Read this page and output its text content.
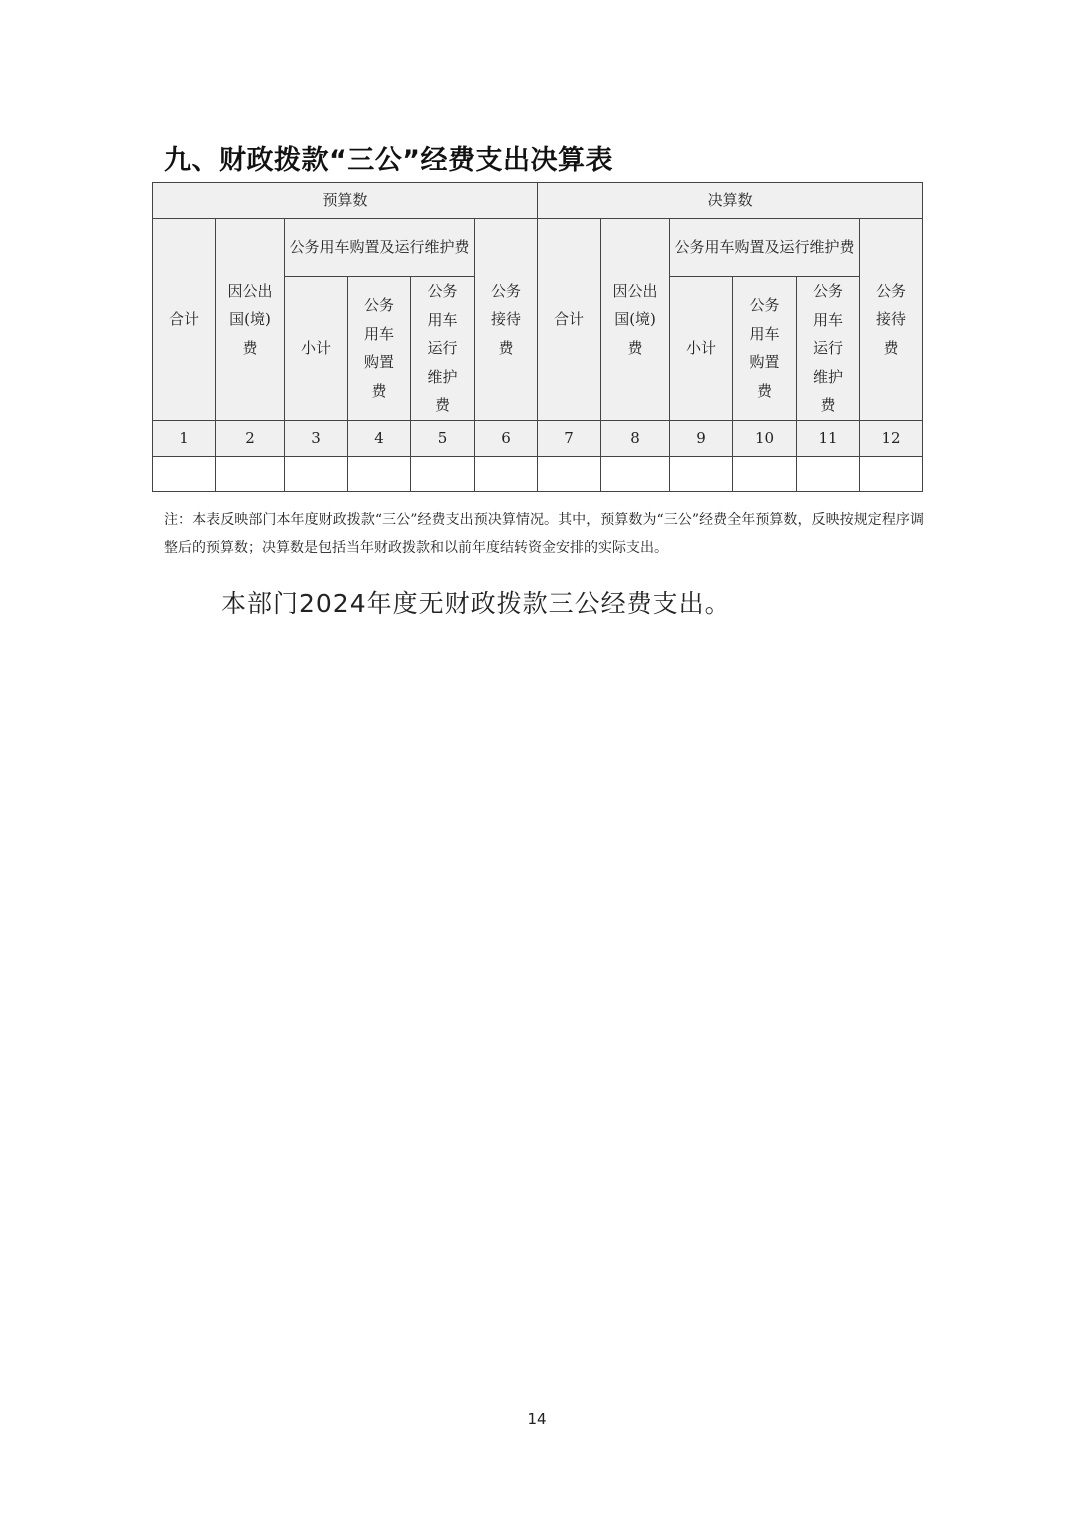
九、财政拨款“三公”经费支出决算表
预算数						决算数					
合计	因公出国(境)费	公务用车购置及运行维护费			公务接待费	合计	因公出国(境)费	公务用车购置及运行维护费			公务接待费
		小计	公务用车购置费	公务用车运行维护费				小计	公务用车购置费	公务用车运行维护费	
1	2	3	4	5	6	7	8	9	10	11	12

注：本表反映部门本年度财政拨款“三公”经费支出预决算情况。其中，预算数为“三公”经费全年预算数，反映按规定程序调整后的预算数；决算数是包括当年财政拨款和以前年度结转资金安排的实际支出。

本部门2024年度无财政拨款三公经费支出。

14
